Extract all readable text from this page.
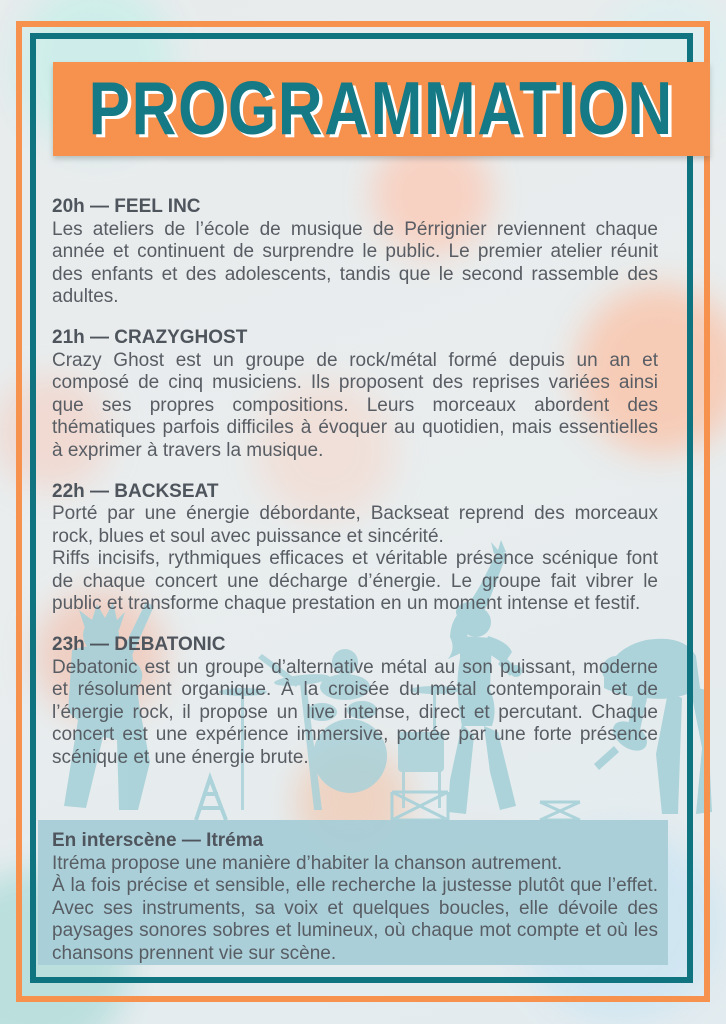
PROGRAMMATION
20h — FEEL INC

Les ateliers de l’école de musique de Pérrignier reviennent chaque année et continuent de surprendre le public. Le premier atelier réunit des enfants et des adolescents, tandis que le second rassemble des adultes.

21h — CRAZYGHOST

Crazy Ghost est un groupe de rock/métal formé depuis un an et composé de cinq musiciens. Ils proposent des reprises variées ainsi que ses propres compositions. Leurs morceaux abordent des thématiques parfois difficiles à évoquer au quotidien, mais essentielles à exprimer à travers la musique.

22h — BACKSEAT

Porté par une énergie débordante, Backseat reprend des morceaux rock, blues et soul avec puissance et sincérité.

Riffs incisifs, rythmiques efficaces et véritable présence scénique font de chaque concert une décharge d’énergie. Le groupe fait vibrer le public et transforme chaque prestation en un moment intense et festif.

23h — DEBATONIC

Debatonic est un groupe d’alternative métal au son puissant, moderne et résolument organique. À la croisée du métal contemporain et de l’énergie rock, il propose un live intense, direct et percutant. Chaque concert est une expérience immersive, portée par une forte présence scénique et une énergie brute.

En interscène — Itréma

Itréma propose une manière d’habiter la chanson autrement.

À la fois précise et sensible, elle recherche la justesse plutôt que l’effet. Avec ses instruments, sa voix et quelques boucles, elle dévoile des paysages sonores sobres et lumineux, où chaque mot compte et où les chansons prennent vie sur scène.
